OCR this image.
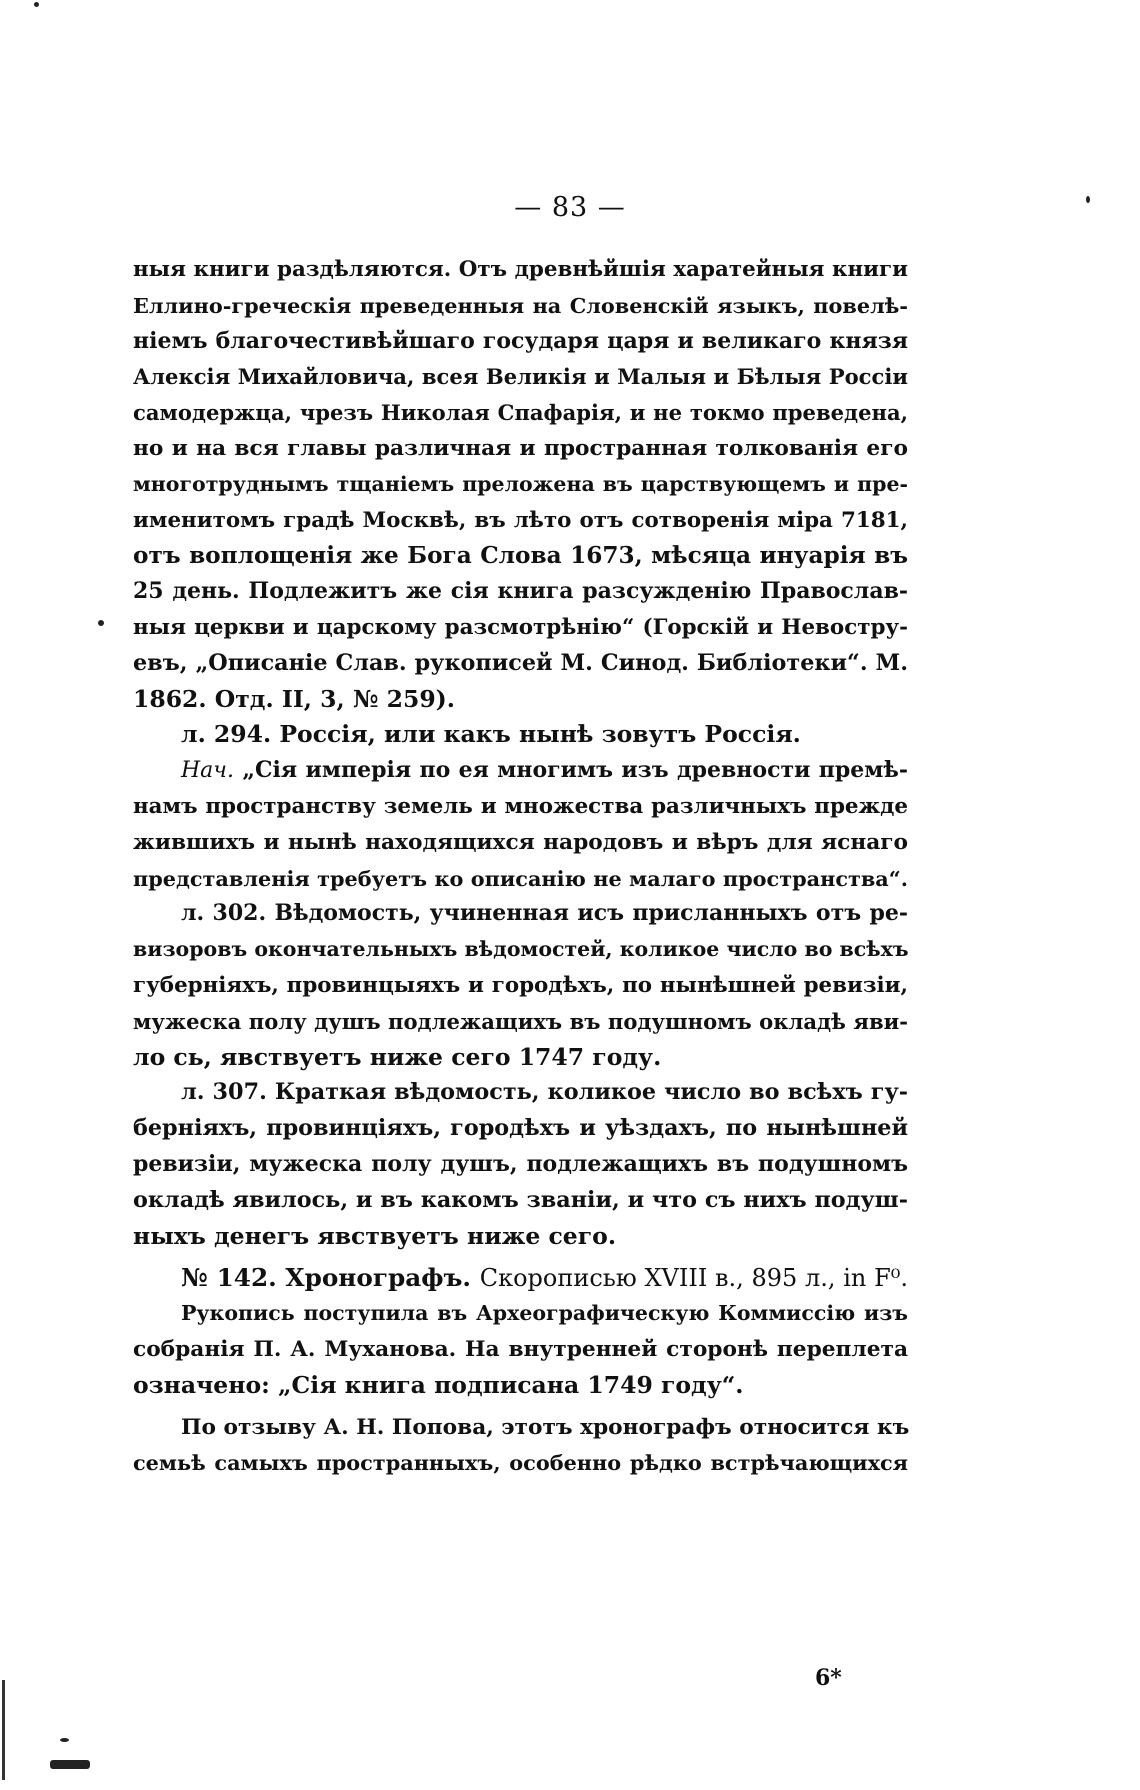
— 83 —
ныя книги раздѣляются. Отъ древнѣйшія харатейныя книги
Еллино-греческія преведенныя на Словенскій языкъ, повелѣ-
ніемъ благочестивѣйшаго государя царя и великаго князя
Алексія Михайловича, всея Великія и Малыя и Бѣлыя Россіи
самодержца, чрезъ Николая Спафарія, и не токмо преведена,
но и на вся главы различная и пространная толкованія его
многотруднымъ тщаніемъ преложена въ царствующемъ и пре-
именитомъ градѣ Москвѣ, въ лѣто отъ сотворенія міра 7181,
отъ воплощенія же Бога Слова 1673, мѣсяца инуарія въ
25 день. Подлежитъ же сія книга разсужденію Православ-
ныя церкви и царскому разсмотрѣнію“ (Горскій и Невостру-
евъ, „Описаніе Слав. рукописей М. Синод. Библіотеки“. М.
1862. Отд. II, 3, № 259).
л. 294. Россія, или какъ нынѣ зовутъ Россія.
Нач. „Сія имперія по ея многимъ изъ древности премѣ-
намъ пространству земель и множества различныхъ прежде
жившихъ и нынѣ находящихся народовъ и вѣръ для яснаго
представленія требуетъ ко описанію не малаго пространства“.
л. 302. Вѣдомость, учиненная исъ присланныхъ отъ ре-
визоровъ окончательныхъ вѣдомостей, коликое число во всѣхъ
губерніяхъ, провинцыяхъ и городѣхъ, по нынѣшней ревизіи,
мужеска полу душъ подлежащихъ въ подушномъ окладѣ яви-
ло сь, явствуетъ ниже сего 1747 году.
л. 307. Краткая вѣдомость, коликое число во всѣхъ гу-
берніяхъ, провинціяхъ, городѣхъ и уѣздахъ, по нынѣшней
ревизіи, мужеска полу душъ, подлежащихъ въ подушномъ
окладѣ явилось, и въ какомъ званіи, и что съ нихъ подуш-
ныхъ денегъ явствуетъ ниже сего.
№ 142. Хронографъ. Скорописью XVIII в., 895 л., in F⁰.
Рукопись поступила въ Археографическую Коммиссію изъ
собранія П. А. Муханова. На внутренней сторонѣ переплета
означено: „Сія книга подписана 1749 году“.
По отзыву А. Н. Попова, этотъ хронографъ относится къ
семьѣ самыхъ пространныхъ, особенно рѣдко встрѣчающихся
6*
